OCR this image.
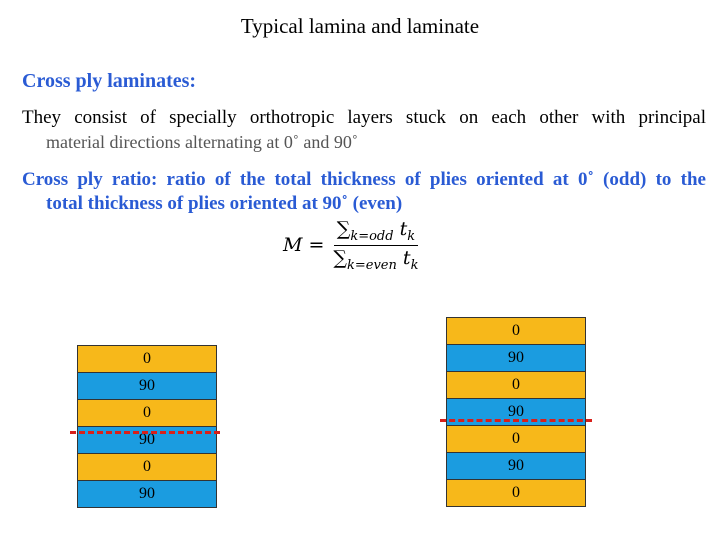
Typical lamina and laminate
Cross ply laminates:
They consist of specially orthotropic layers stuck on each other with principal
material directions alternating at 0˚ and 90˚
Cross ply ratio: ratio of the total thickness of plies oriented at 0˚ (odd) to the
total thickness of plies oriented at 90˚ (even)
$M = \frac{\sum_{k=odd} t_k}{\sum_{k=even} t_k}$
0
90
0
90
0
90
0
90
0
90
0
90
0
